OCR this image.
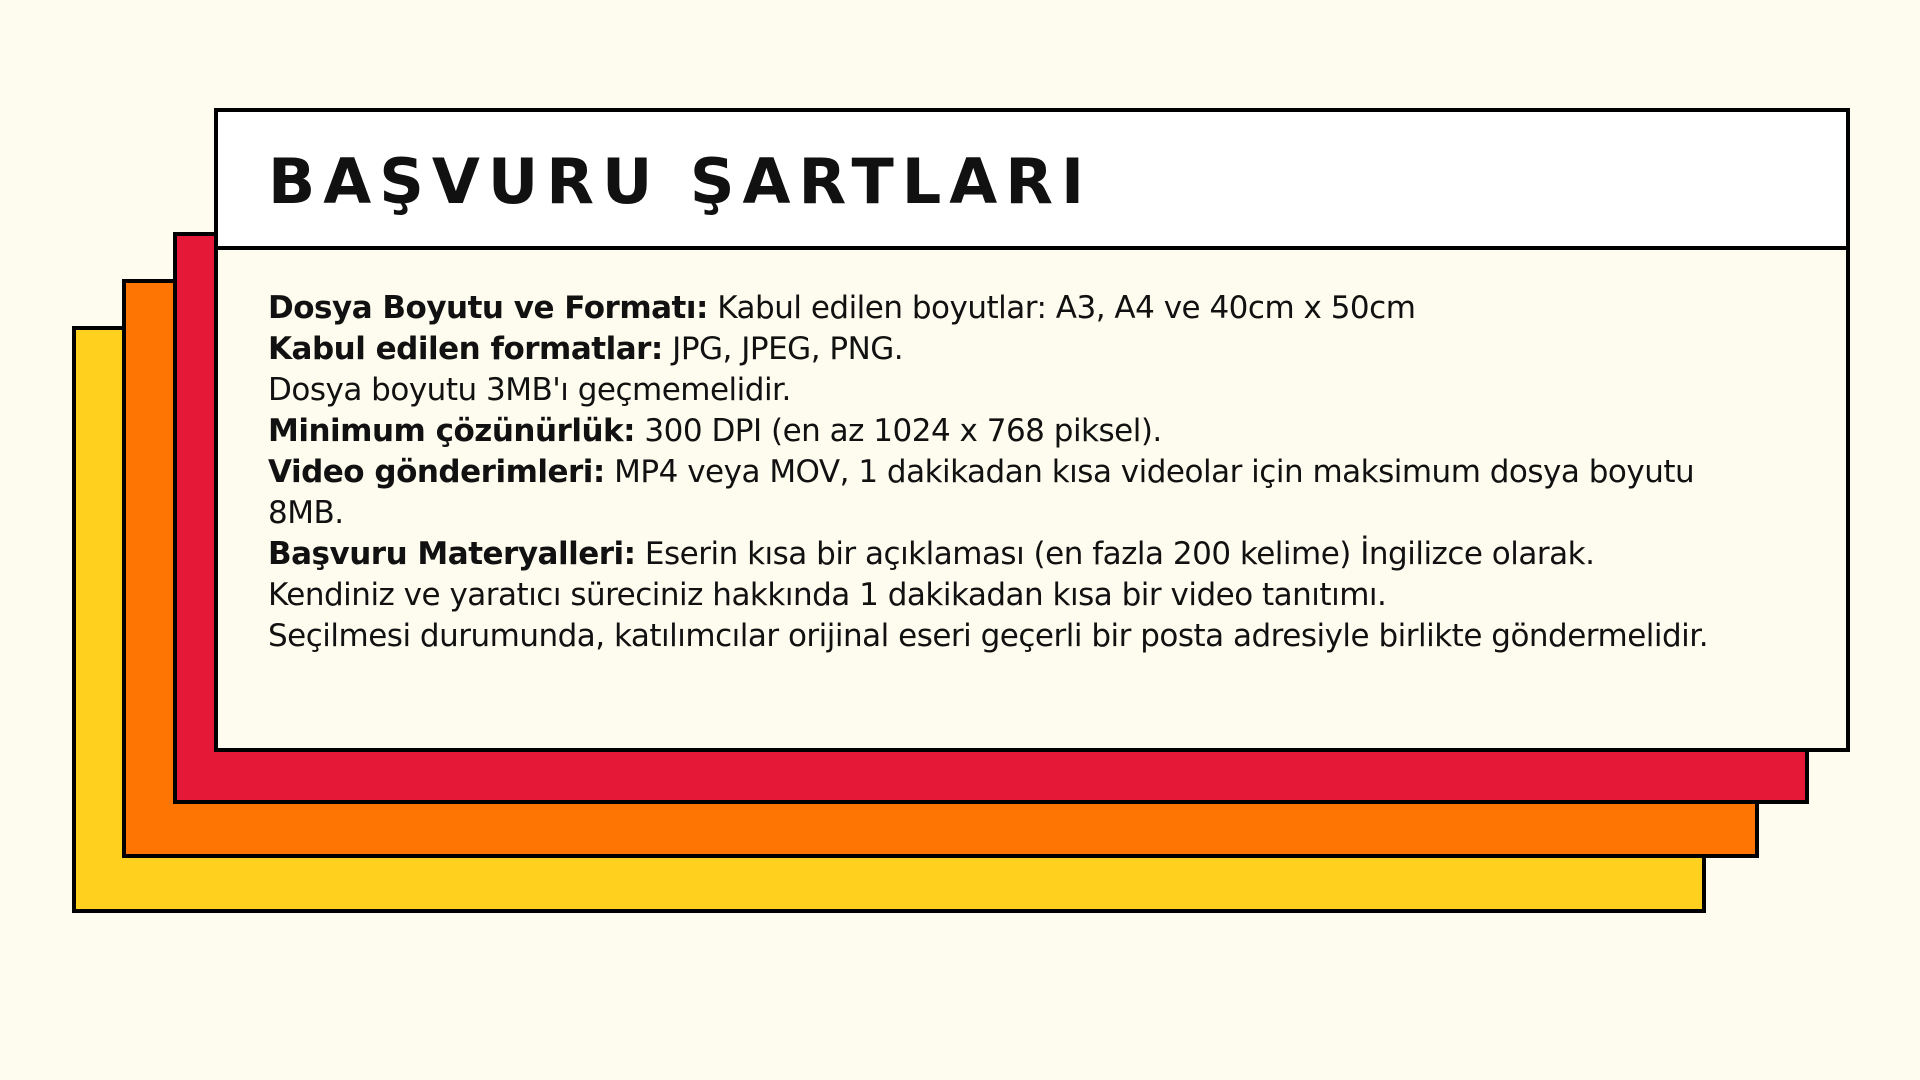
BAŞVURU ŞARTLARI

Dosya Boyutu ve Formatı: Kabul edilen boyutlar: A3, A4 ve 40cm x 50cm

Kabul edilen formatlar: JPG, JPEG, PNG.

Dosya boyutu 3MB'ı geçmemelidir.

Minimum çözünürlük: 300 DPI (en az 1024 x 768 piksel).

Video gönderimleri: MP4 veya MOV, 1 dakikadan kısa videolar için maksimum dosya boyutu 8MB.

Başvuru Materyalleri: Eserin kısa bir açıklaması (en fazla 200 kelime) İngilizce olarak.

Kendiniz ve yaratıcı süreciniz hakkında 1 dakikadan kısa bir video tanıtımı.

Seçilmesi durumunda, katılımcılar orijinal eseri geçerli bir posta adresiyle birlikte göndermelidir.
